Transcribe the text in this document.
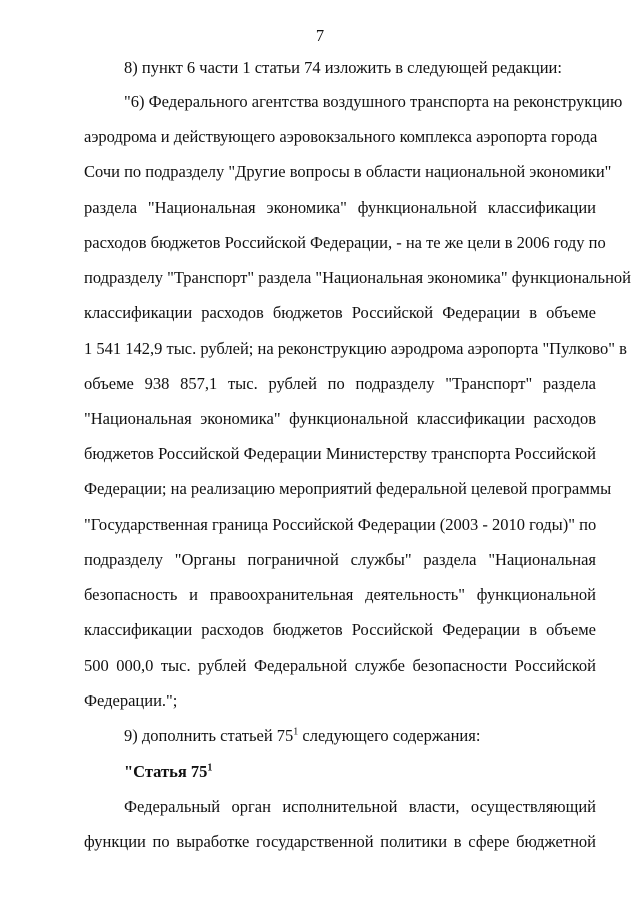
7
8) пункт 6 части 1 статьи 74 изложить в следующей редакции:
"6) Федерального агентства воздушного транспорта на реконструкцию
аэродрома и действующего аэровокзального комплекса аэропорта города
Сочи по подразделу "Другие вопросы в области национальной экономики"
раздела "Национальная экономика" функциональной классификации
расходов бюджетов Российской Федерации, - на те же цели в 2006 году по
подразделу "Транспорт" раздела "Национальная экономика" функциональной
классификации расходов бюджетов Российской Федерации в объеме
1 541 142,9 тыс. рублей; на реконструкцию аэродрома аэропорта "Пулково" в
объеме 938 857,1 тыс. рублей по подразделу "Транспорт" раздела
"Национальная экономика" функциональной классификации расходов
бюджетов Российской Федерации Министерству транспорта Российской
Федерации; на реализацию мероприятий федеральной целевой программы
"Государственная граница Российской Федерации (2003 - 2010 годы)" по
подразделу "Органы пограничной службы" раздела "Национальная
безопасность и правоохранительная деятельность" функциональной
классификации расходов бюджетов Российской Федерации в объеме
500 000,0 тыс. рублей Федеральной службе безопасности Российской
Федерации.";
9) дополнить статьей $75^1$ следующего содержания:
"Статья $75^1$
Федеральный орган исполнительной власти, осуществляющий
функции по выработке государственной политики в сфере бюджетной
